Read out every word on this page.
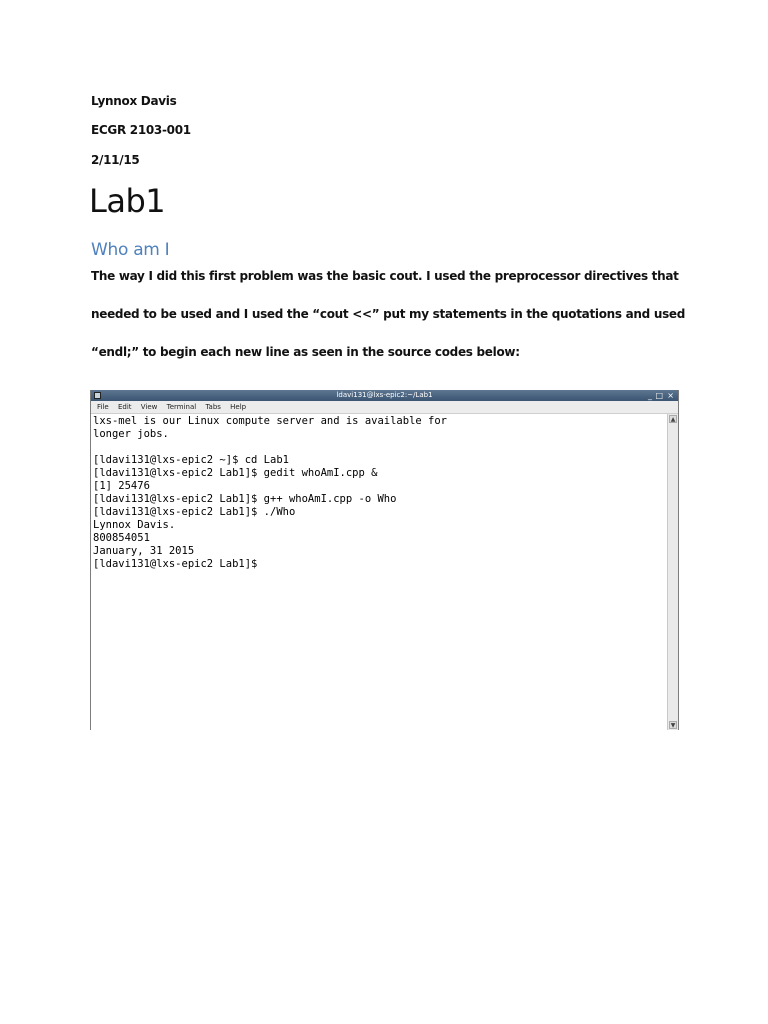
Lynnox Davis
ECGR 2103-001
2/11/15
Lab1
Who am I
The way I did this first problem was the basic cout. I used the preprocessor directives that
needed to be used and I used the “cout <<” put my statements in the quotations and used
“endl;” to begin each new line as seen in the source codes below:
ldavi131@lxs-epic2:~/Lab1	_ □ ×
File Edit View Terminal Tabs Help
lxs-mel is our Linux compute server and is available for
longer jobs.

[ldavi131@lxs-epic2 ~]$ cd Lab1
[ldavi131@lxs-epic2 Lab1]$ gedit whoAmI.cpp &
[1] 25476
[ldavi131@lxs-epic2 Lab1]$ g++ whoAmI.cpp -o Who
[ldavi131@lxs-epic2 Lab1]$ ./Who
Lynnox Davis.
800854051
January, 31 2015
[ldavi131@lxs-epic2 Lab1]$
▲
▼
